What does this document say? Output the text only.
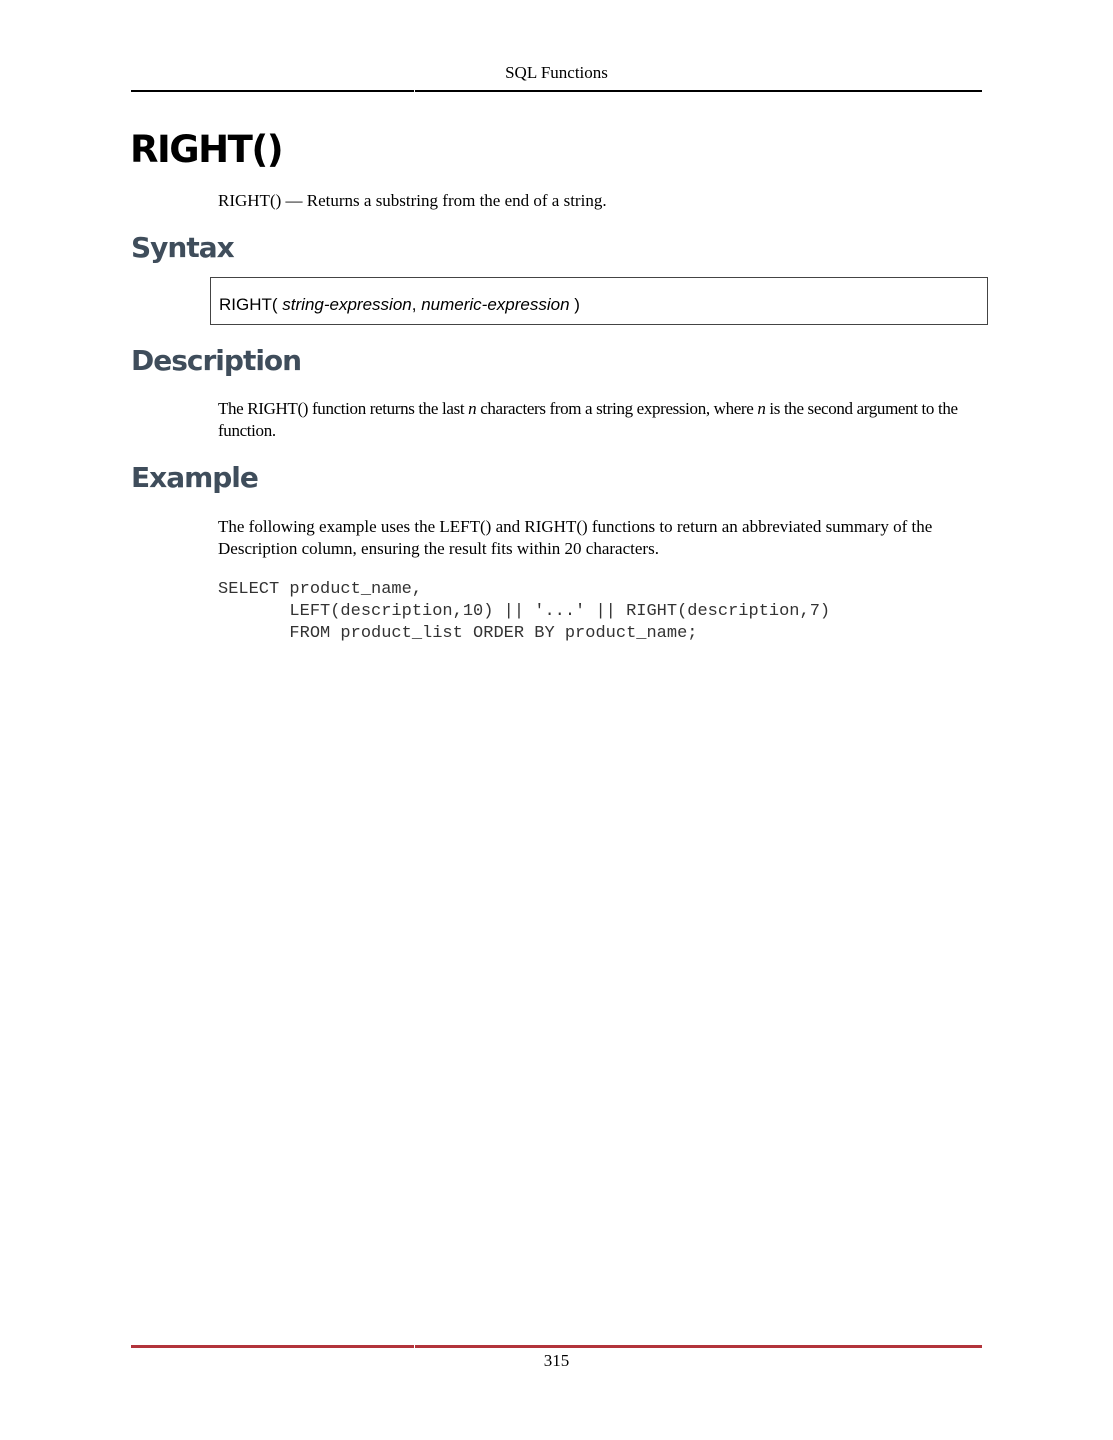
SQL Functions
RIGHT()
RIGHT() — Returns a substring from the end of a string.
Syntax
RIGHT( string-expression, numeric-expression )
Description

The RIGHT() function returns the last n characters from a string expression, where n is the second argument to the function.

Example

The following example uses the LEFT() and RIGHT() functions to return an abbreviated summary of the Description column, ensuring the result fits within 20 characters.

SELECT product_name,
LEFT(description,10) || '...' || RIGHT(description,7)
FROM product_list ORDER BY product_name;
315
